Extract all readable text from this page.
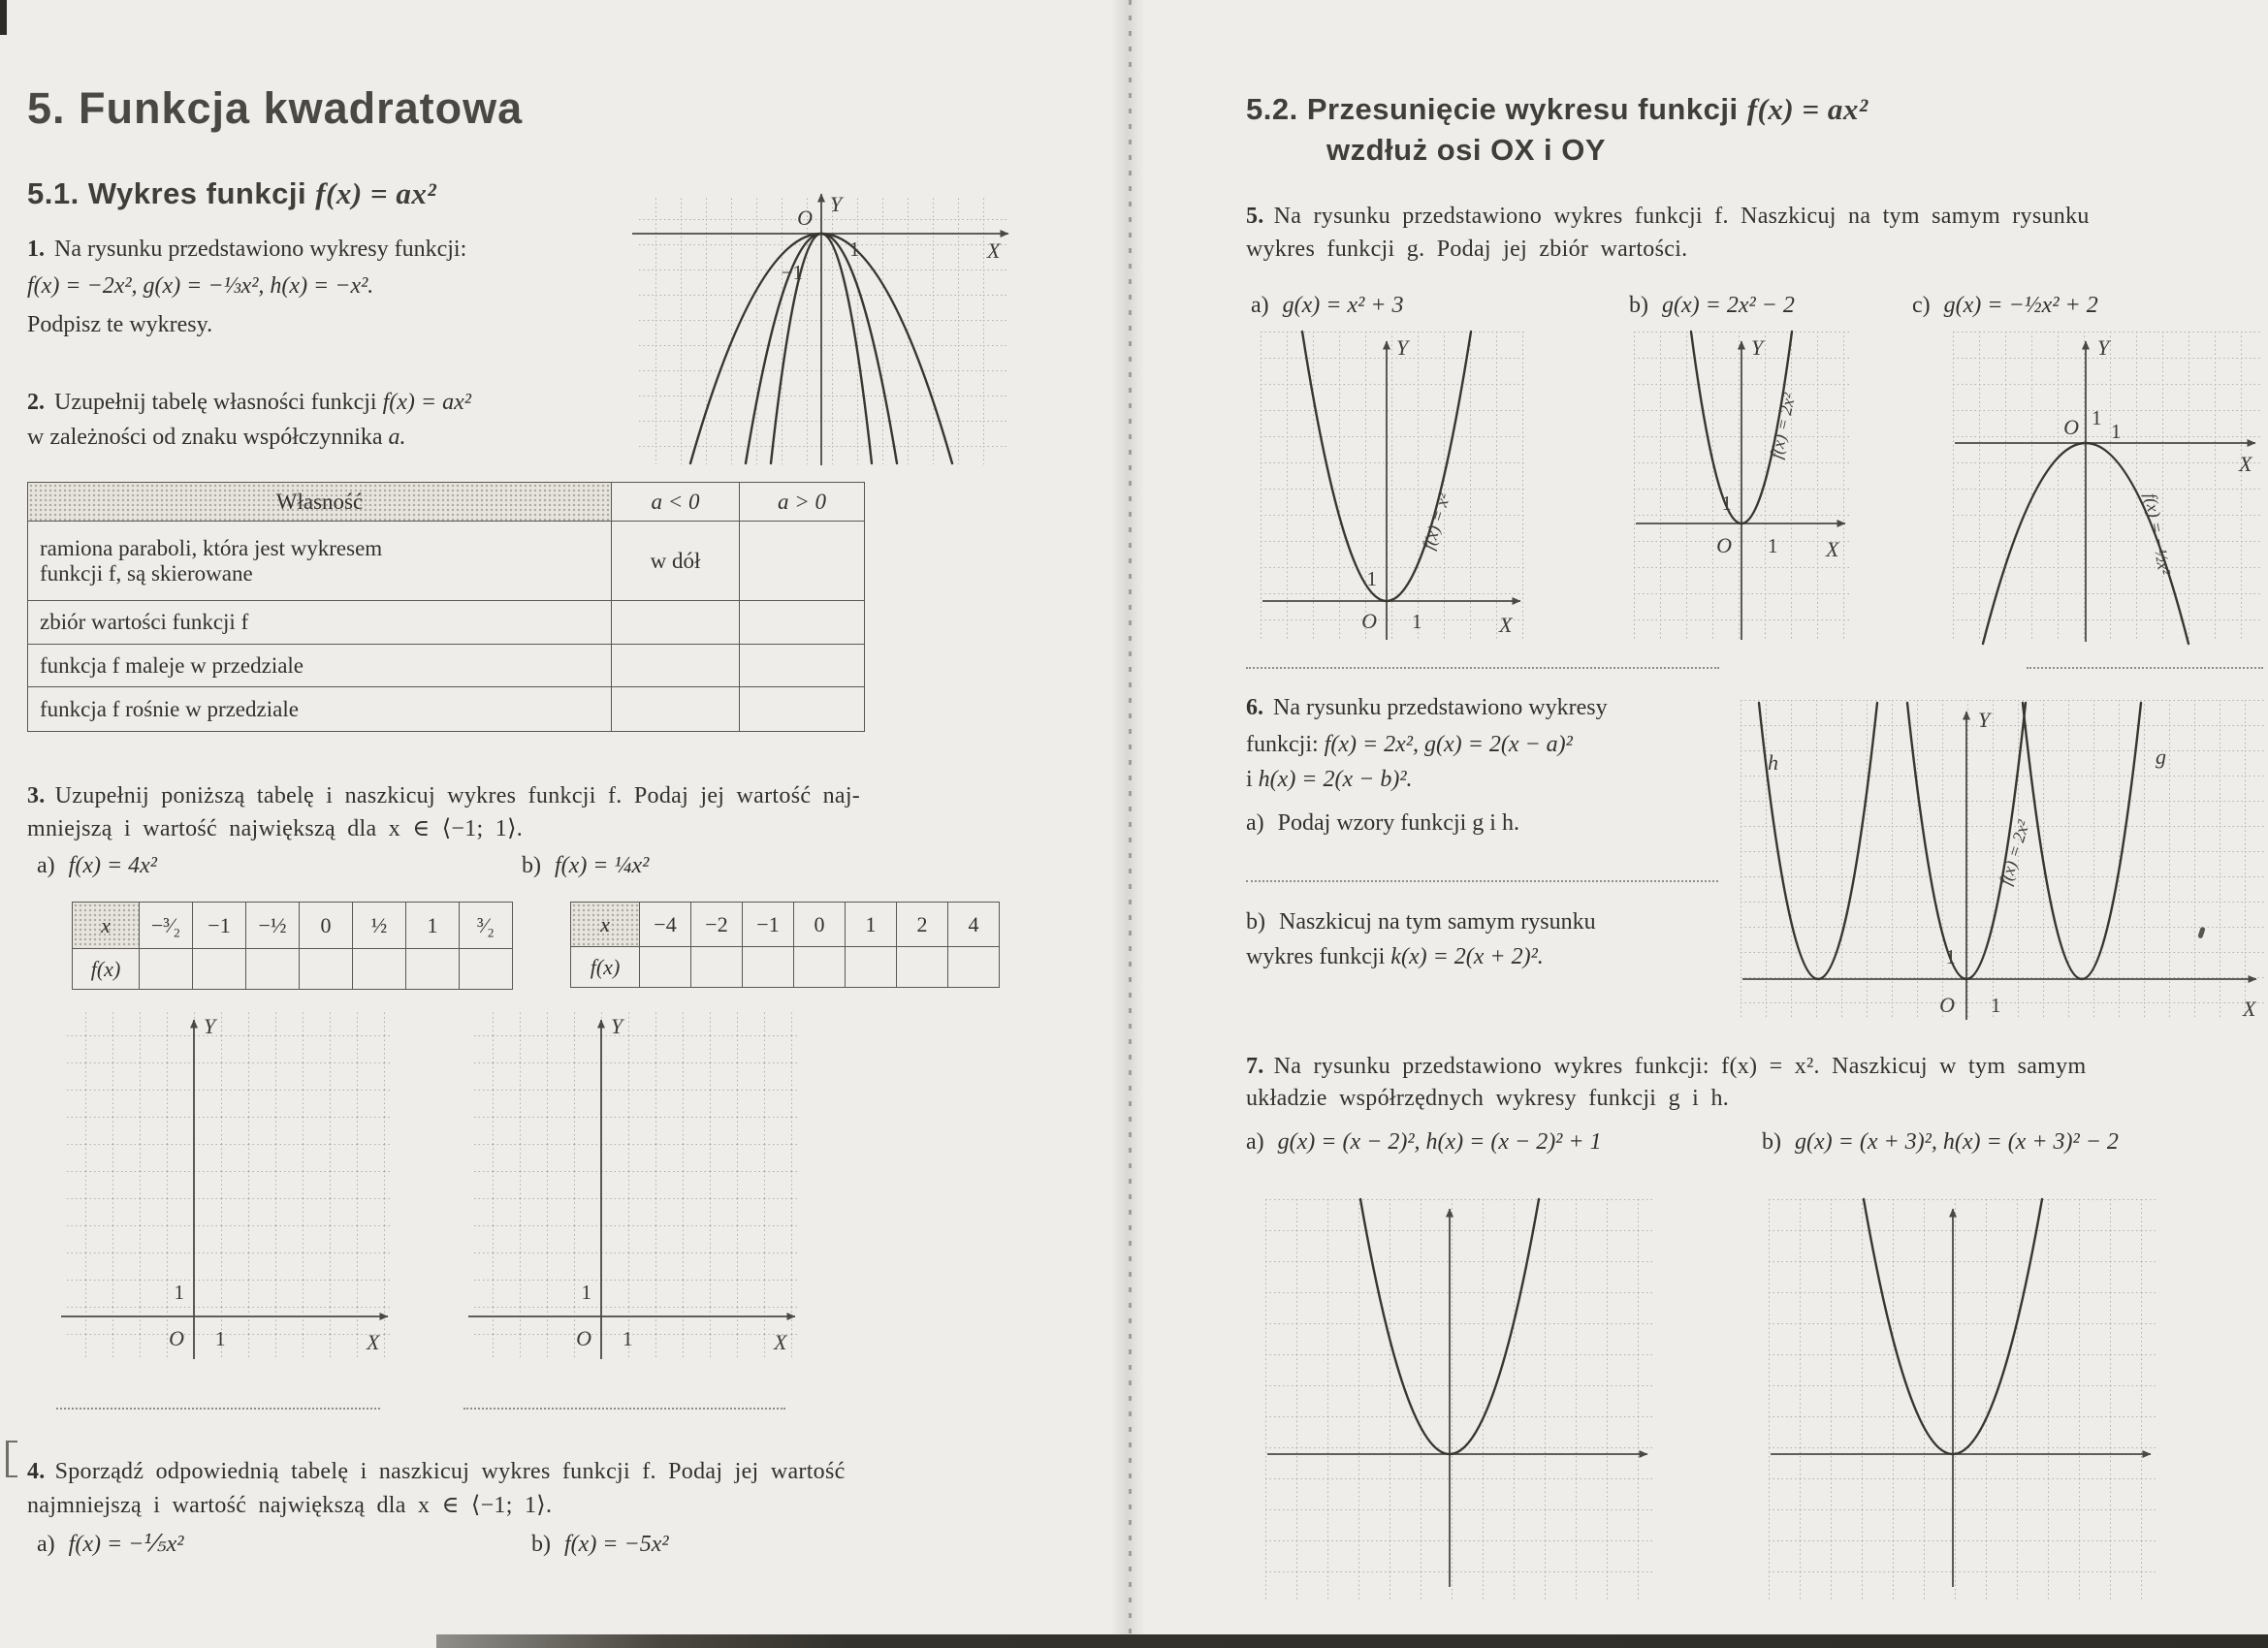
5. Funkcja kwadratowa
5.1. Wykres funkcji f(x) = ax²
1. Na rysunku przedstawiono wykresy funkcji:
f(x) = −2x², g(x) = −⅓x², h(x) = −x².
Podpisz te wykresy.
O
Y
X
−1
1
2. Uzupełnij tabelę własności funkcji f(x) = ax²
w zależności od znaku współczynnika a.
Własność	a < 0	a > 0

ramiona paraboli, która jest wykresem
funkcji f, są skierowane	w dół	
zbiór wartości funkcji f		
funkcja f maleje w przedziale		
funkcja f rośnie w przedziale		
3. Uzupełnij poniższą tabelę i naszkicuj wykres funkcji f. Podaj jej wartość naj-
mniejszą i wartość największą dla x ∈ ⟨−1; 1⟩.
a) f(x) = 4x²	b) f(x) = ¼x²
x	−³⁄₂	−1	−½	0	½	1	³⁄₂
f(x)							
x	−4	−2	−1	0	1	2	4
f(x)							
Y
1
O 1	X
Y
1
O 1	X
4. Sporządź odpowiednią tabelę i naszkicuj wykres funkcji f. Podaj jej wartość
najmniejszą i wartość największą dla x ∈ ⟨−1; 1⟩.
a) f(x) = −⅕x²	b) f(x) = −5x²
5.2. Przesunięcie wykresu funkcji f(x) = ax²
wzdłuż osi OX i OY
5. Na rysunku przedstawiono wykres funkcji f. Naszkicuj na tym samym rysunku
wykres funkcji g. Podaj jej zbiór wartości.
a) g(x) = x² + 3	b) g(x) = 2x² − 2	c) g(x) = −½x² + 2
Y
1
O 1	X
f(x) = x²
Y
1
O 1 X
f(x) = 2x²
Y
O 1
1
X
f(x) = −½x²
6. Na rysunku przedstawiono wykresy
funkcji: f(x) = 2x², g(x) = 2(x − a)²
i h(x) = 2(x − b)².
a) Podaj wzory funkcji g i h.
b) Naszkicuj na tym samym rysunku
wykres funkcji k(x) = 2(x + 2)².
h	g
Y
1
O 1	X
f(x) = 2x²
7. Na rysunku przedstawiono wykres funkcji: f(x) = x². Naszkicuj w tym samym
układzie współrzędnych wykresy funkcji g i h.
a) g(x) = (x − 2)², h(x) = (x − 2)² + 1	b) g(x) = (x + 3)², h(x) = (x + 3)² − 2
